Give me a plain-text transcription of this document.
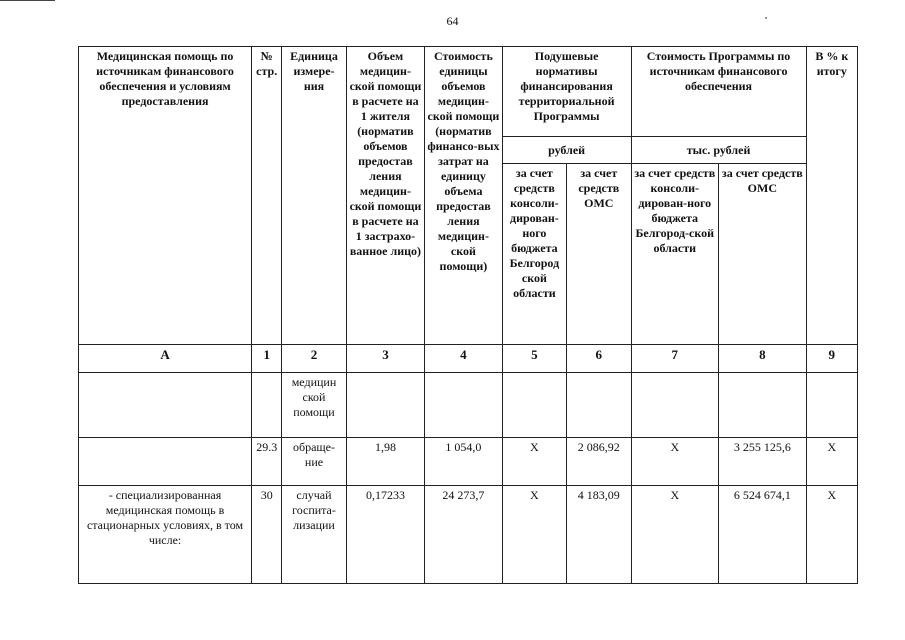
64
Медицинская помощь по источникам финансового обеспечения и условиям предоставления	№ стр.	Единица измере-ния	Объем медицин-ской помощи в расчете на 1 жителя (норматив объемов предостав ления медицин-ской помощи в расчете на 1 застрахо-ванное лицо)	Стоимость единицы объемов медицин-ской помощи (норматив финансо-вых затрат на единицу объема предостав ления медицин-ской помощи)	Подушевые нормативы финансирования территориальной Программы		Стоимость Программы по источникам финансового обеспечения		В % к итогу
					рублей		тыс. рублей		
					за счет средств консоли-дирован-ного бюджета Белгород ской области	за счет средств ОМС	за счет средств консоли-дирован-ного бюджета Белгород-ской области	за счет средств ОМС	
А	1	2	3	4	5	6	7	8	9
		медицин ской помощи							
	29.3	обраще-ние	1,98	1 054,0	Х	2 086,92	Х	3 255 125,6	Х
- специализированная медицинская помощь в стационарных условиях, в том числе:	30	случай госпита-лизации	0,17233	24 273,7	Х	4 183,09	Х	6 524 674,1	Х
